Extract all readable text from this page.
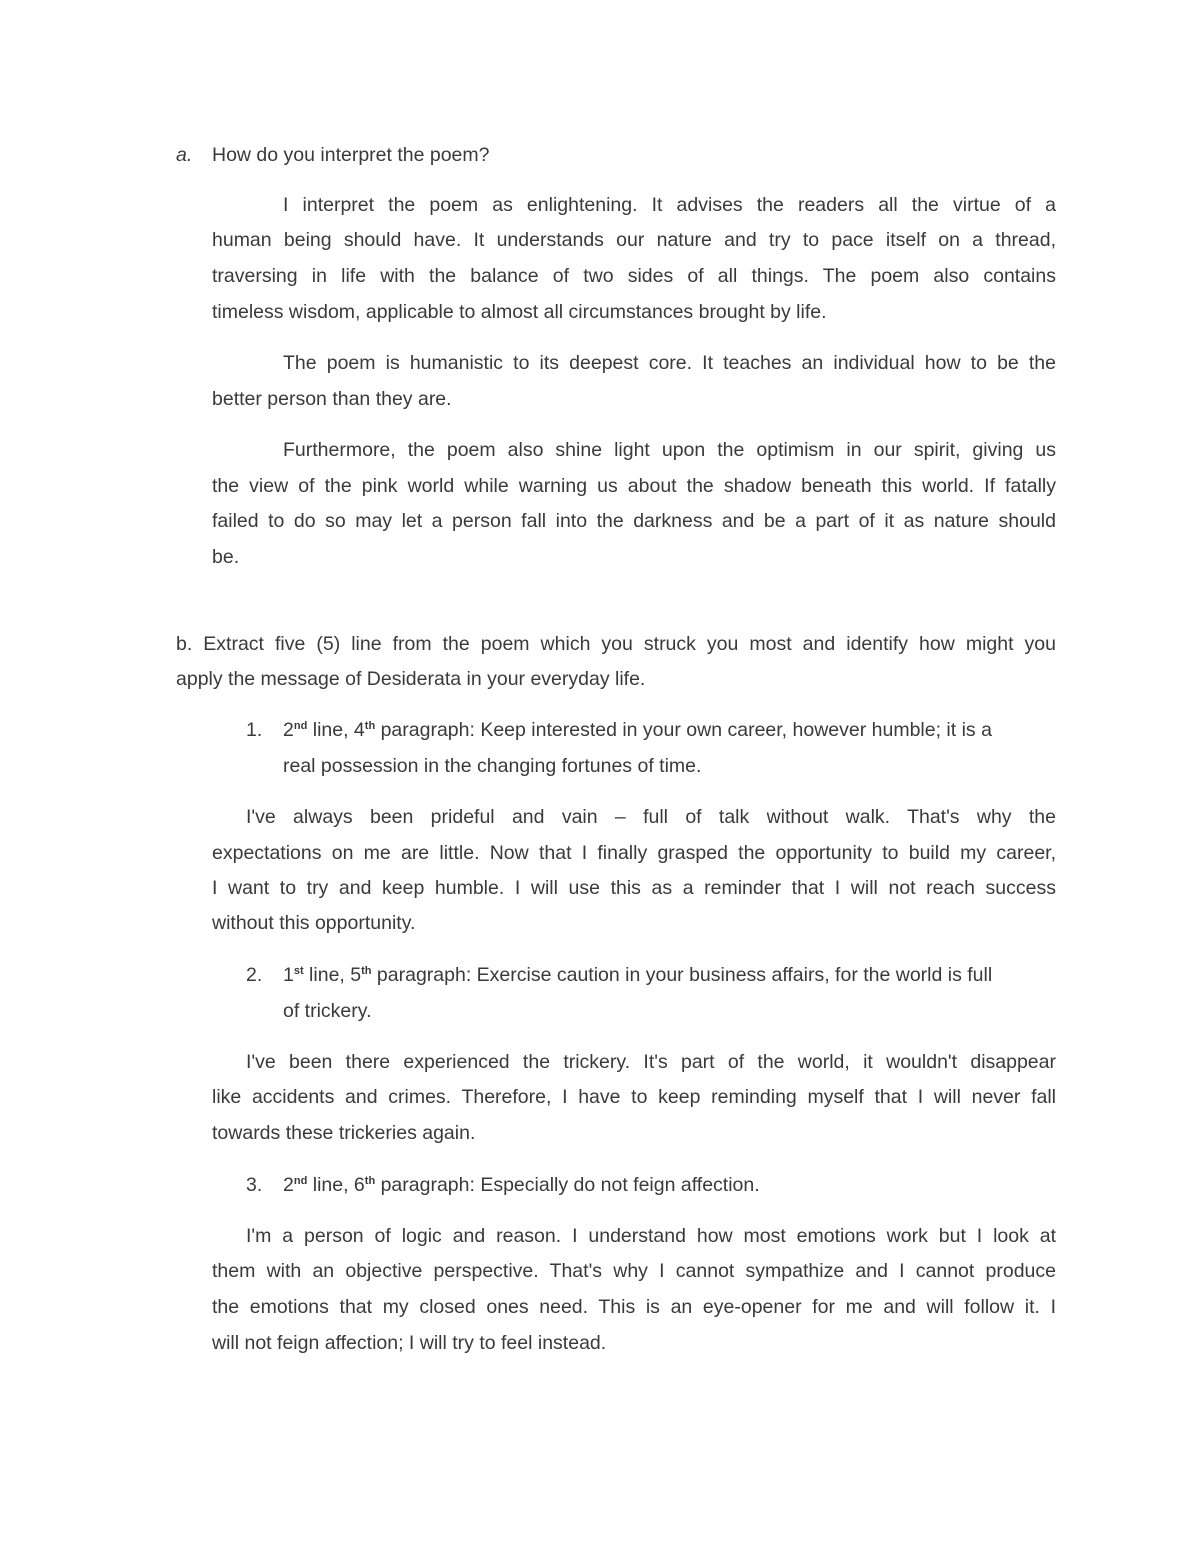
a. How do you interpret the poem?
I interpret the poem as enlightening. It advises the readers all the virtue of a
human being should have. It understands our nature and try to pace itself on a thread,
traversing in life with the balance of two sides of all things. The poem also contains
timeless wisdom, applicable to almost all circumstances brought by life.
The poem is humanistic to its deepest core. It teaches an individual how to be the
better person than they are.
Furthermore, the poem also shine light upon the optimism in our spirit, giving us
the view of the pink world while warning us about the shadow beneath this world. If fatally
failed to do so may let a person fall into the darkness and be a part of it as nature should
be.
b. Extract five (5) line from the poem which you struck you most and identify how might you
apply the message of Desiderata in your everyday life.
1. 2nd line, 4th paragraph: Keep interested in your own career, however humble; it is a
real possession in the changing fortunes of time.
I've always been prideful and vain – full of talk without walk. That's why the
expectations on me are little. Now that I finally grasped the opportunity to build my career,
I want to try and keep humble. I will use this as a reminder that I will not reach success
without this opportunity.
2. 1st line, 5th paragraph: Exercise caution in your business affairs, for the world is full
of trickery.
I've been there experienced the trickery. It's part of the world, it wouldn't disappear
like accidents and crimes. Therefore, I have to keep reminding myself that I will never fall
towards these trickeries again.
3. 2nd line, 6th paragraph: Especially do not feign affection.
I'm a person of logic and reason. I understand how most emotions work but I look at
them with an objective perspective. That's why I cannot sympathize and I cannot produce
the emotions that my closed ones need. This is an eye-opener for me and will follow it. I
will not feign affection; I will try to feel instead.
